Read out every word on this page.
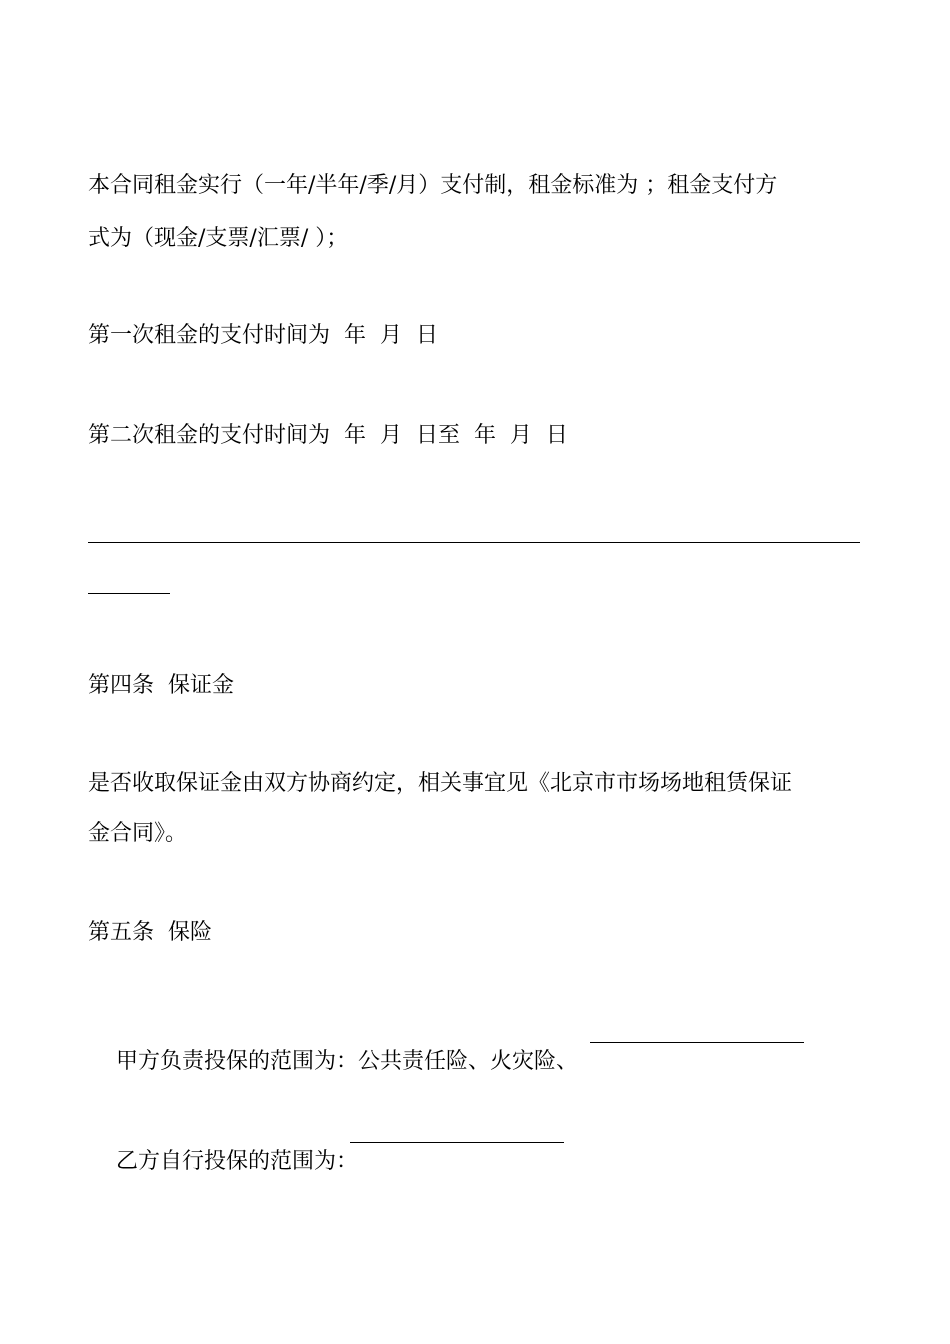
本合同租金实行（一年/半年/季/月）支付制，租金标准为 ；租金支付方
式为（现金/支票/汇票/ ）；
第一次租金的支付时间为  年  月  日
第二次租金的支付时间为  年  月  日至  年  月  日
第四条  保证金
是否收取保证金由双方协商约定，相关事宜见《北京市市场场地租赁保证
金合同》。
第五条  保险

甲方负责投保的范围为：公共责任险、火灾险、

乙方自行投保的范围为：
